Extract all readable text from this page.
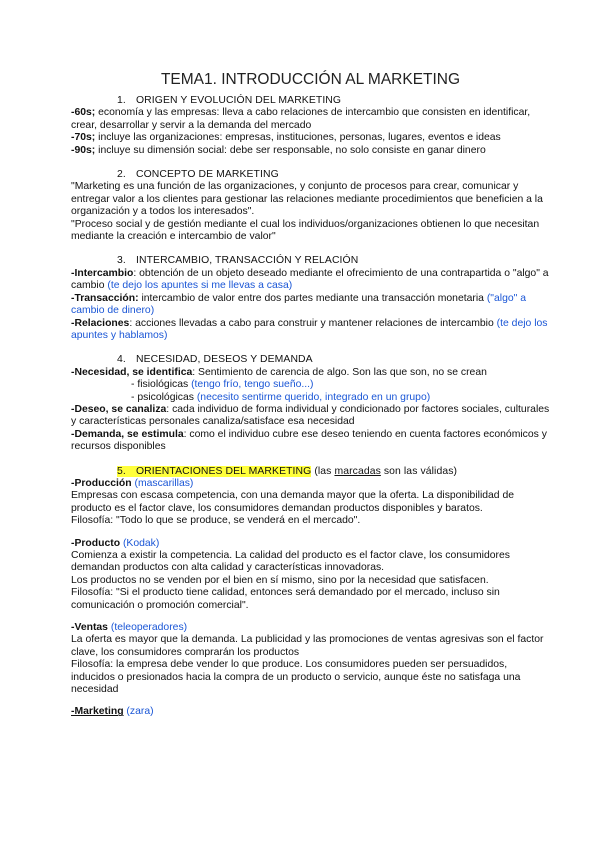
TEMA1. INTRODUCCIÓN AL MARKETING
1. ORIGEN Y EVOLUCIÓN DEL MARKETING

-60s; economía y las empresas: lleva a cabo relaciones de intercambio que consisten en identificar, crear, desarrollar y servir a la demanda del mercado

-70s; incluye las organizaciones: empresas, instituciones, personas, lugares, eventos e ideas

-90s; incluye su dimensión social: debe ser responsable, no solo consiste en ganar dinero

2. CONCEPTO DE MARKETING

"Marketing es una función de las organizaciones, y conjunto de procesos para crear, comunicar y entregar valor a los clientes para gestionar las relaciones mediante procedimientos que beneficien a la organización y a todos los interesados".

"Proceso social y de gestión mediante el cual los individuos/organizaciones obtienen lo que necesitan mediante la creación e intercambio de valor"

3. INTERCAMBIO, TRANSACCIÓN Y RELACIÓN

-Intercambio: obtención de un objeto deseado mediante el ofrecimiento de una contrapartida o "algo" a cambio (te dejo los apuntes si me llevas a casa)

-Transacción: intercambio de valor entre dos partes mediante una transacción monetaria ("algo" a cambio de dinero)

-Relaciones: acciones llevadas a cabo para construir y mantener relaciones de intercambio (te dejo los apuntes y hablamos)

4. NECESIDAD, DESEOS Y DEMANDA

-Necesidad, se identifica: Sentimiento de carencia de algo. Son las que son, no se crean

- fisiológicas (tengo frío, tengo sueño...)

- psicológicas (necesito sentirme querido, integrado en un grupo)

-Deseo, se canaliza: cada individuo de forma individual y condicionado por factores sociales, culturales y características personales canaliza/satisface esa necesidad

-Demanda, se estimula: como el individuo cubre ese deseo teniendo en cuenta factores económicos y recursos disponibles

5. ORIENTACIONES DEL MARKETING (las marcadas son las válidas)

-Producción (mascarillas)

Empresas con escasa competencia, con una demanda mayor que la oferta. La disponibilidad de producto es el factor clave, los consumidores demandan productos disponibles y baratos.

Filosofía: "Todo lo que se produce, se venderá en el mercado".

-Producto (Kodak)

Comienza a existir la competencia. La calidad del producto es el factor clave, los consumidores demandan productos con alta calidad y características innovadoras.

Los productos no se venden por el bien en sí mismo, sino por la necesidad que satisfacen.

Filosofía: "Si el producto tiene calidad, entonces será demandado por el mercado, incluso sin comunicación o promoción comercial".

-Ventas (teleoperadores)

La oferta es mayor que la demanda. La publicidad y las promociones de ventas agresivas son el factor clave, los consumidores comprarán los productos

Filosofía: la empresa debe vender lo que produce. Los consumidores pueden ser persuadidos, inducidos o presionados hacia la compra de un producto o servicio, aunque éste no satisfaga una necesidad

-Marketing (zara)
